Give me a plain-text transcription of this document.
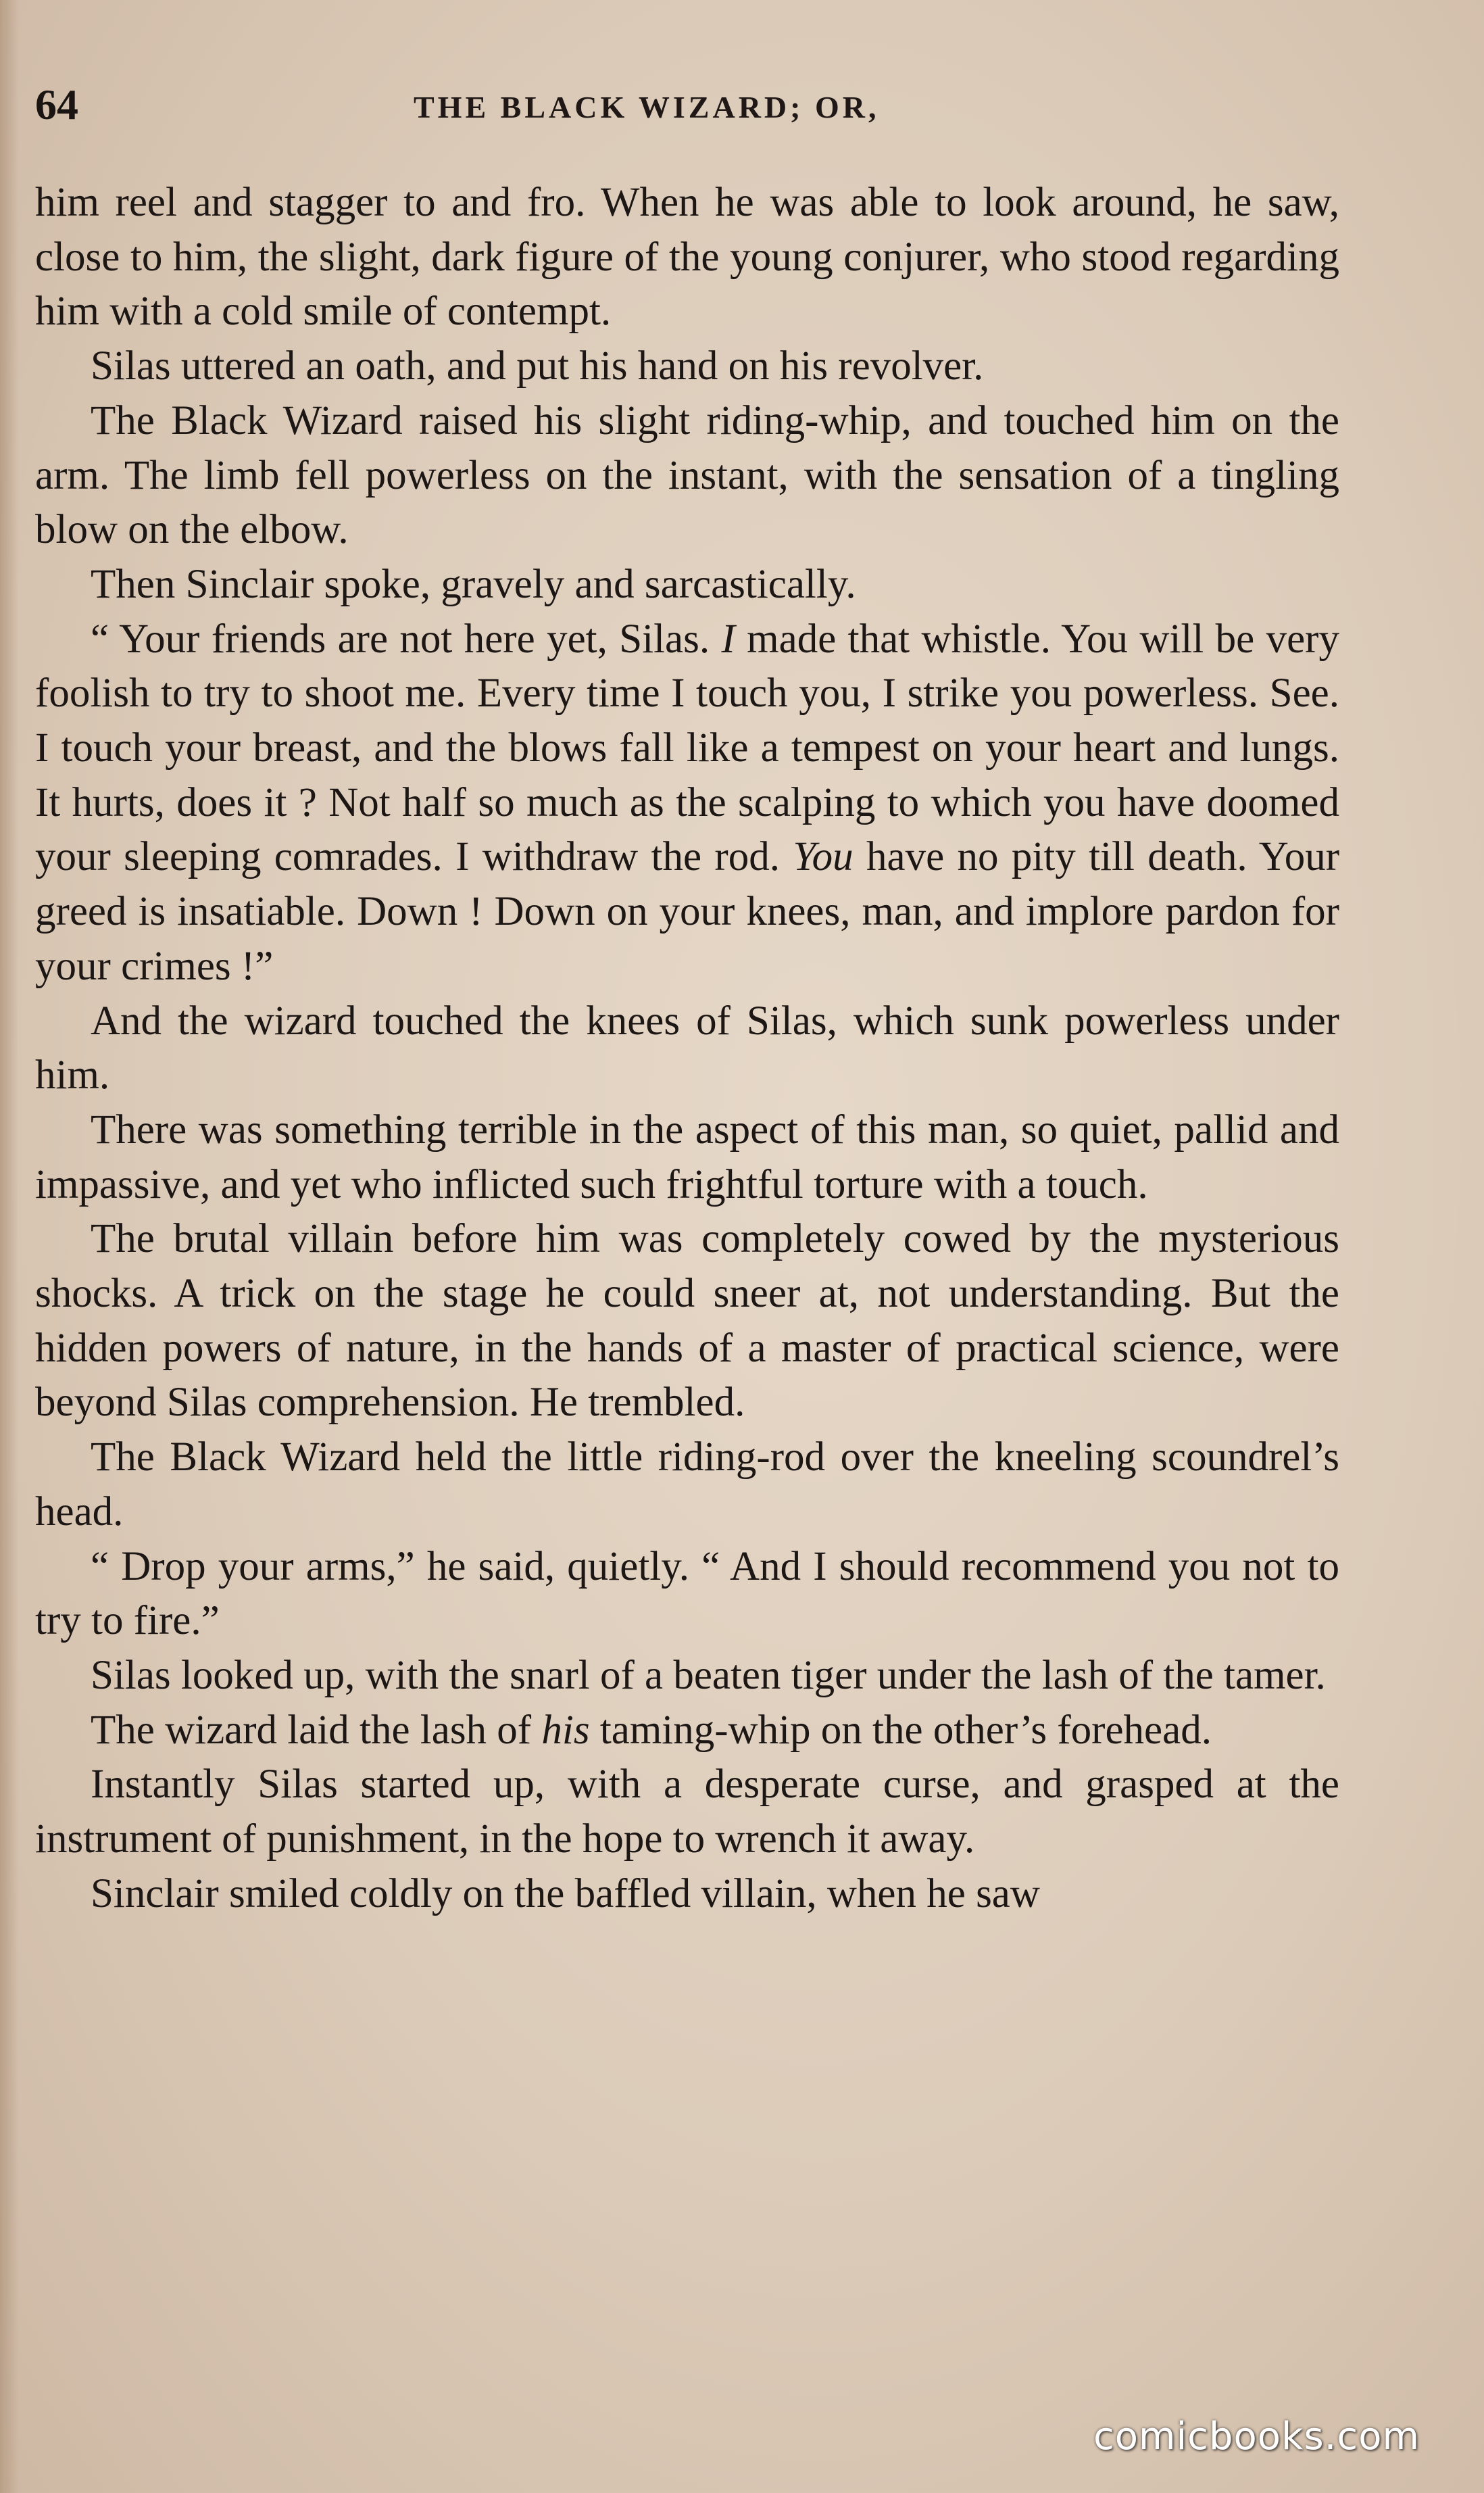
64	THE BLACK WIZARD; OR,

him reel and stagger to and fro. When he was able to look around, he saw, close to him, the slight, dark figure of the young conjurer, who stood regarding him with a cold smile of contempt.

Silas uttered an oath, and put his hand on his revolver.

The Black Wizard raised his slight riding-whip, and touched him on the arm. The limb fell powerless on the instant, with the sensation of a tingling blow on the elbow.

Then Sinclair spoke, gravely and sarcastically.

“ Your friends are not here yet, Silas. I made that whistle. You will be very foolish to try to shoot me. Every time I touch you, I strike you powerless. See. I touch your breast, and the blows fall like a tempest on your heart and lungs. It hurts, does it ? Not half so much as the scalping to which you have doomed your sleeping comrades. I withdraw the rod. You have no pity till death. Your greed is insatiable. Down ! Down on your knees, man, and implore pardon for your crimes !”

And the wizard touched the knees of Silas, which sunk powerless under him.

There was something terrible in the aspect of this man, so quiet, pallid and impassive, and yet who inflicted such frightful torture with a touch.

The brutal villain before him was completely cowed by the mysterious shocks. A trick on the stage he could sneer at, not understanding. But the hidden powers of nature, in the hands of a master of practical science, were beyond Silas comprehension. He trembled.

The Black Wizard held the little riding-rod over the kneeling scoundrel’s head.

“ Drop your arms,” he said, quietly. “ And I should recommend you not to try to fire.”

Silas looked up, with the snarl of a beaten tiger under the lash of the tamer.

The wizard laid the lash of his taming-whip on the other’s forehead.

Instantly Silas started up, with a desperate curse, and grasped at the instrument of punishment, in the hope to wrench it away.

Sinclair smiled coldly on the baffled villain, when he saw

comicbooks.com
